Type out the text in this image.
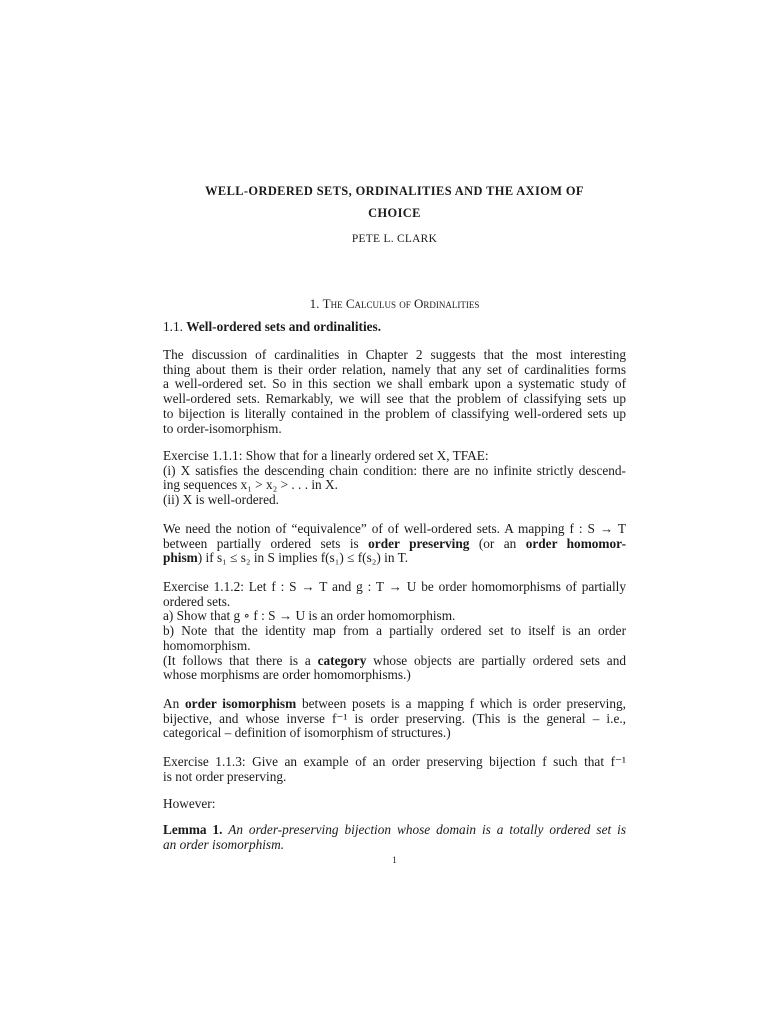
WELL-ORDERED SETS, ORDINALITIES AND THE AXIOM OF
CHOICE
PETE L. CLARK
1. The Calculus of Ordinalities
1.1. Well-ordered sets and ordinalities.
The discussion of cardinalities in Chapter 2 suggests that the most interesting
thing about them is their order relation, namely that any set of cardinalities forms
a well-ordered set. So in this section we shall embark upon a systematic study of
well-ordered sets. Remarkably, we will see that the problem of classifying sets up
to bijection is literally contained in the problem of classifying well-ordered sets up
to order-isomorphism.
Exercise 1.1.1: Show that for a linearly ordered set X, TFAE:
(i) X satisfies the descending chain condition: there are no infinite strictly descend-
ing sequences x₁ > x₂ > . . . in X.
(ii) X is well-ordered.
We need the notion of “equivalence” of of well-ordered sets. A mapping f : S → T
between partially ordered sets is order preserving (or an order homomor-
phism) if s₁ ≤ s₂ in S implies f(s₁) ≤ f(s₂) in T.
Exercise 1.1.2: Let f : S → T and g : T → U be order homomorphisms of partially
ordered sets.
a) Show that g ∘ f : S → U is an order homomorphism.
b) Note that the identity map from a partially ordered set to itself is an order
homomorphism.
(It follows that there is a category whose objects are partially ordered sets and
whose morphisms are order homomorphisms.)
An order isomorphism between posets is a mapping f which is order preserving,
bijective, and whose inverse f⁻¹ is order preserving. (This is the general – i.e.,
categorical – definition of isomorphism of structures.)
Exercise 1.1.3: Give an example of an order preserving bijection f such that f⁻¹
is not order preserving.
However:
Lemma 1. An order-preserving bijection whose domain is a totally ordered set is
an order isomorphism.
1
